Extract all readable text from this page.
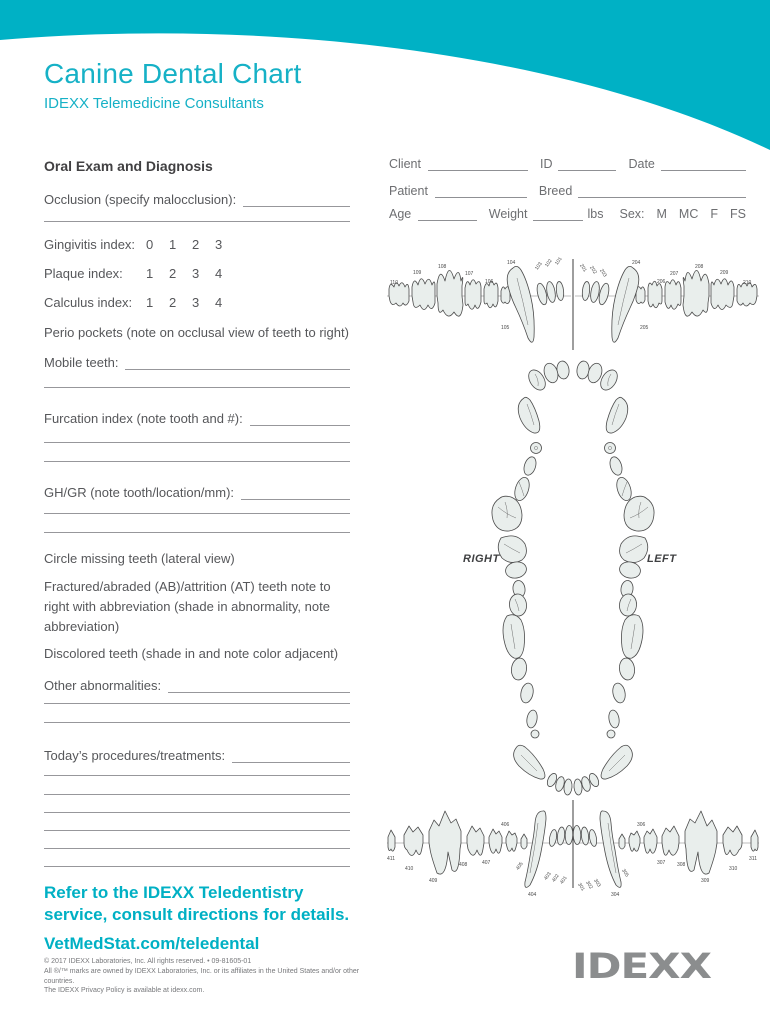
Canine Dental Chart
IDEXX Telemedicine Consultants
Oral Exam and Diagnosis
Occlusion (specify malocclusion):
Gingivitis index: 0	1	2	3
Plaque index:	1	2	3	4
Calculus index:	1	2	3	4
Perio pockets (note on occlusal view of teeth to right)
Mobile teeth:
Furcation index (note tooth and #):
GH/GR (note tooth/location/mm):
Circle missing teeth (lateral view)
Fractured/abraded (AB)/attrition (AT) teeth note to right with abbreviation (shade in abnormality, note abbreviation)
Discolored teeth (shade in and note color adjacent)
Other abnormalities:
Today’s procedures/treatments:
Client	ID	Date
Patient	Breed
Age	Weight	lbs Sex: M MC F FS
110
109
108
107
106
105
104	103 102 101
201 202 203
204
205
206
207
208
209
210
RIGHT	LEFT
411
410
409
408	407
406
405
404
403
402
401
301
302
303
304
305
306
307 308
309
310
311
Refer to the IDEXX Teledentistry
service, consult directions for details.
VetMedStat.com/teledental
© 2017 IDEXX Laboratories, Inc. All rights reserved. • 09-81605-01
All ®/™ marks are owned by IDEXX Laboratories, Inc. or its affiliates in the United States and/or other countries.
The IDEXX Privacy Policy is available at idexx.com.
IDEXX
